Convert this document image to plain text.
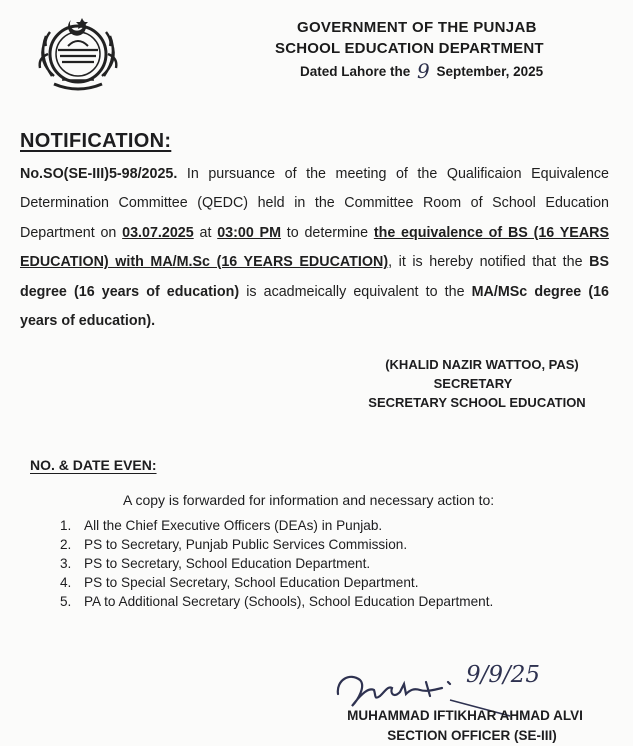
GOVERNMENT OF THE PUNJAB
SCHOOL EDUCATION DEPARTMENT
Dated Lahore the 9 September, 2025
NOTIFICATION:
No.SO(SE-III)5-98/2025. In pursuance of the meeting of the Qualificaion Equivalence Determination Committee (QEDC) held in the Committee Room of School Education Department on 03.07.2025 at 03:00 PM to determine the equivalence of BS (16 YEARS EDUCATION) with MA/M.Sc (16 YEARS EDUCATION), it is hereby notified that the BS degree (16 years of education) is acadmeically equivalent to the MA/MSc degree (16 years of education).
(KHALID NAZIR WATTOO, PAS)
SECRETARY
SECRETARY SCHOOL EDUCATION
NO. & DATE EVEN:
A copy is forwarded for information and necessary action to:
1. All the Chief Executive Officers (DEAs) in Punjab.
2. PS to Secretary, Punjab Public Services Commission.
3. PS to Secretary, School Education Department.
4. PS to Special Secretary, School Education Department.
5. PA to Additional Secretary (Schools), School Education Department.
9/9/25
MUHAMMAD IFTIKHAR AHMAD ALVI
SECTION OFFICER (SE-III)
